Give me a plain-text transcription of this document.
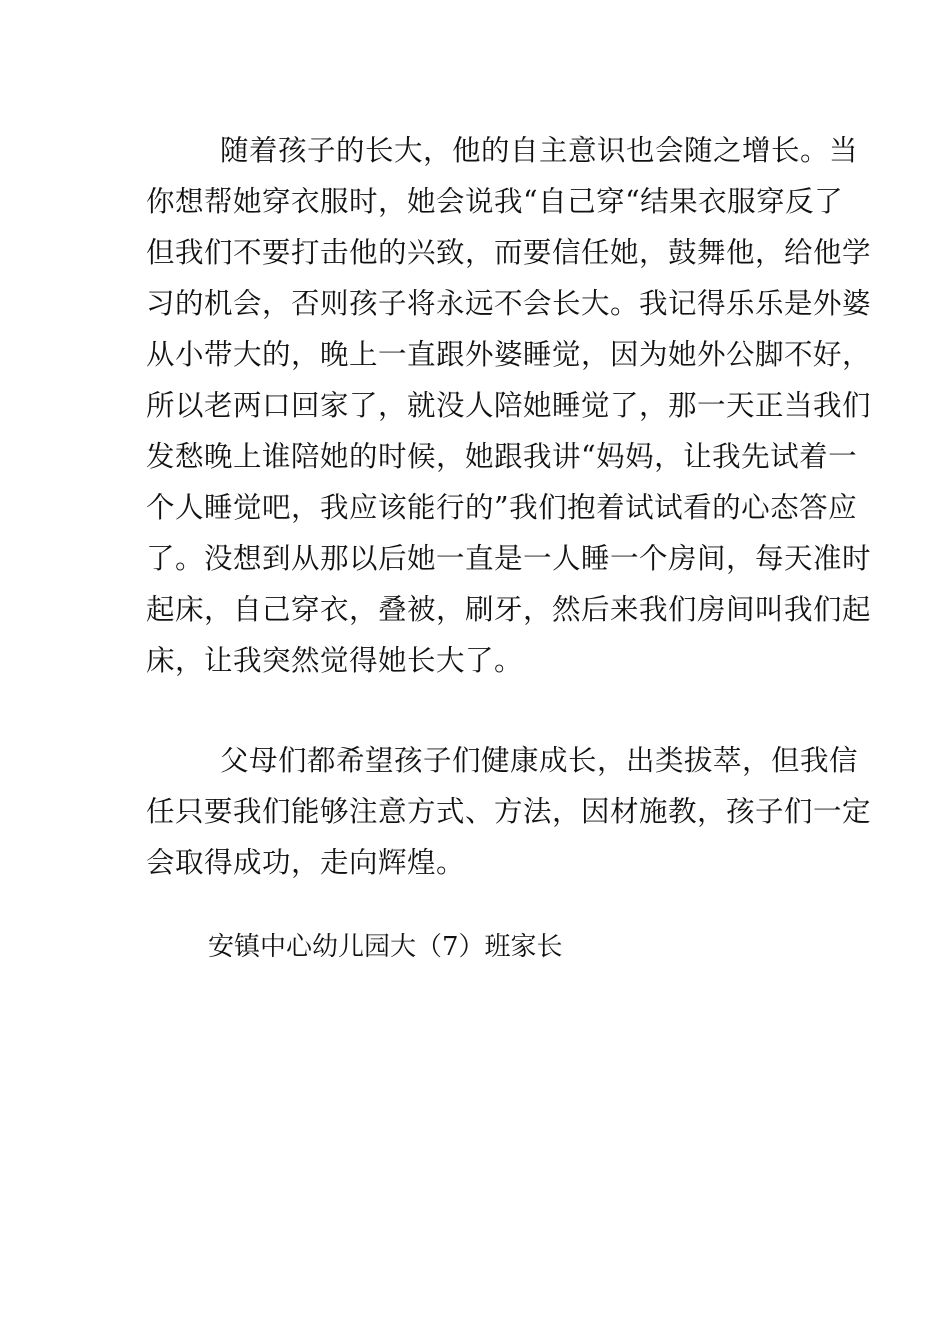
随着孩子的长大，他的自主意识也会随之增长。当
你想帮她穿衣服时，她会说我“自己穿“结果衣服穿反了
但我们不要打击他的兴致，而要信任她，鼓舞他，给他学
习的机会，否则孩子将永远不会长大。我记得乐乐是外婆
从小带大的，晚上一直跟外婆睡觉，因为她外公脚不好，
所以老两口回家了，就没人陪她睡觉了，那一天正当我们
发愁晚上谁陪她的时候，她跟我讲“妈妈，让我先试着一
个人睡觉吧，我应该能行的”我们抱着试试看的心态答应
了。没想到从那以后她一直是一人睡一个房间，每天准时
起床，自己穿衣，叠被，刷牙，然后来我们房间叫我们起
床，让我突然觉得她长大了。
父母们都希望孩子们健康成长，出类拔萃，但我信
任只要我们能够注意方式、方法，因材施教，孩子们一定
会取得成功，走向辉煌。
安镇中心幼儿园大（7）班家长
